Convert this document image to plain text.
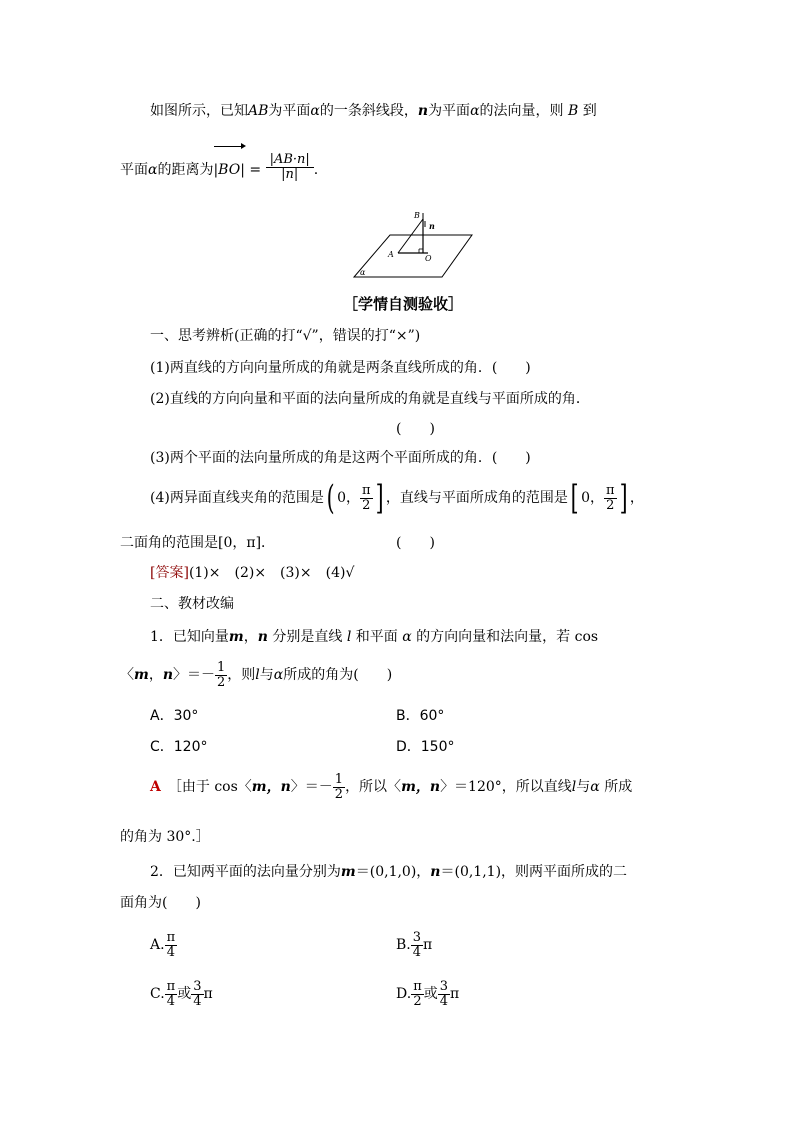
如图所示，已知AB为平面α的一条斜线段，n为平面α的法向量，则 B 到
平面α的距离为$|BO| = \frac{|AB\cdot n|}{|n|}$ .
B
n
A	O
α
［学情自测验收］
一、思考辨析(正确的打“√”，错误的打“×”)
(1)两直线的方向向量所成的角就是两条直线所成的角．(　　)
(2)直线的方向向量和平面的法向量所成的角就是直线与平面所成的角．
(　　)
(3)两个平面的法向量所成的角是这两个平面所成的角．(　　)
(4)两异面直线夹角的范围是( 0， $\frac{\pi}{2}$ ] ，直线与平面所成角的范围是[ 0， $\frac{\pi}{2}$ ] ，
二面角的范围是[0，π]．	(　　)
[答案](1)×　(2)×　(3)×　(4)√
二、教材改编
1．已知向量m，n 分别是直线 l 和平面 α 的方向向量和法向量，若 cos
〈m，n〉＝－ $\frac{1}{2}$ ，则l与α所成的角为(　　)
A．30°	B．60°
C．120°	D．150°
A　 ［由于 cos〈m，n〉＝－ $\frac{1}{2}$ ，所以〈m，n〉＝120°，所以直线l与α 所成
的角为 30°.］
2．已知两平面的法向量分别为m＝(0,1,0)，n＝(0,1,1)，则两平面所成的二
面角为(　　)
A. $\frac{\pi}{4}$	B. $\frac{3}{4}$ π
C. $\frac{\pi}{4}$ 或 $\frac{3}{4}$ π	D. $\frac{\pi}{2}$ 或 $\frac{3}{4}$ π
